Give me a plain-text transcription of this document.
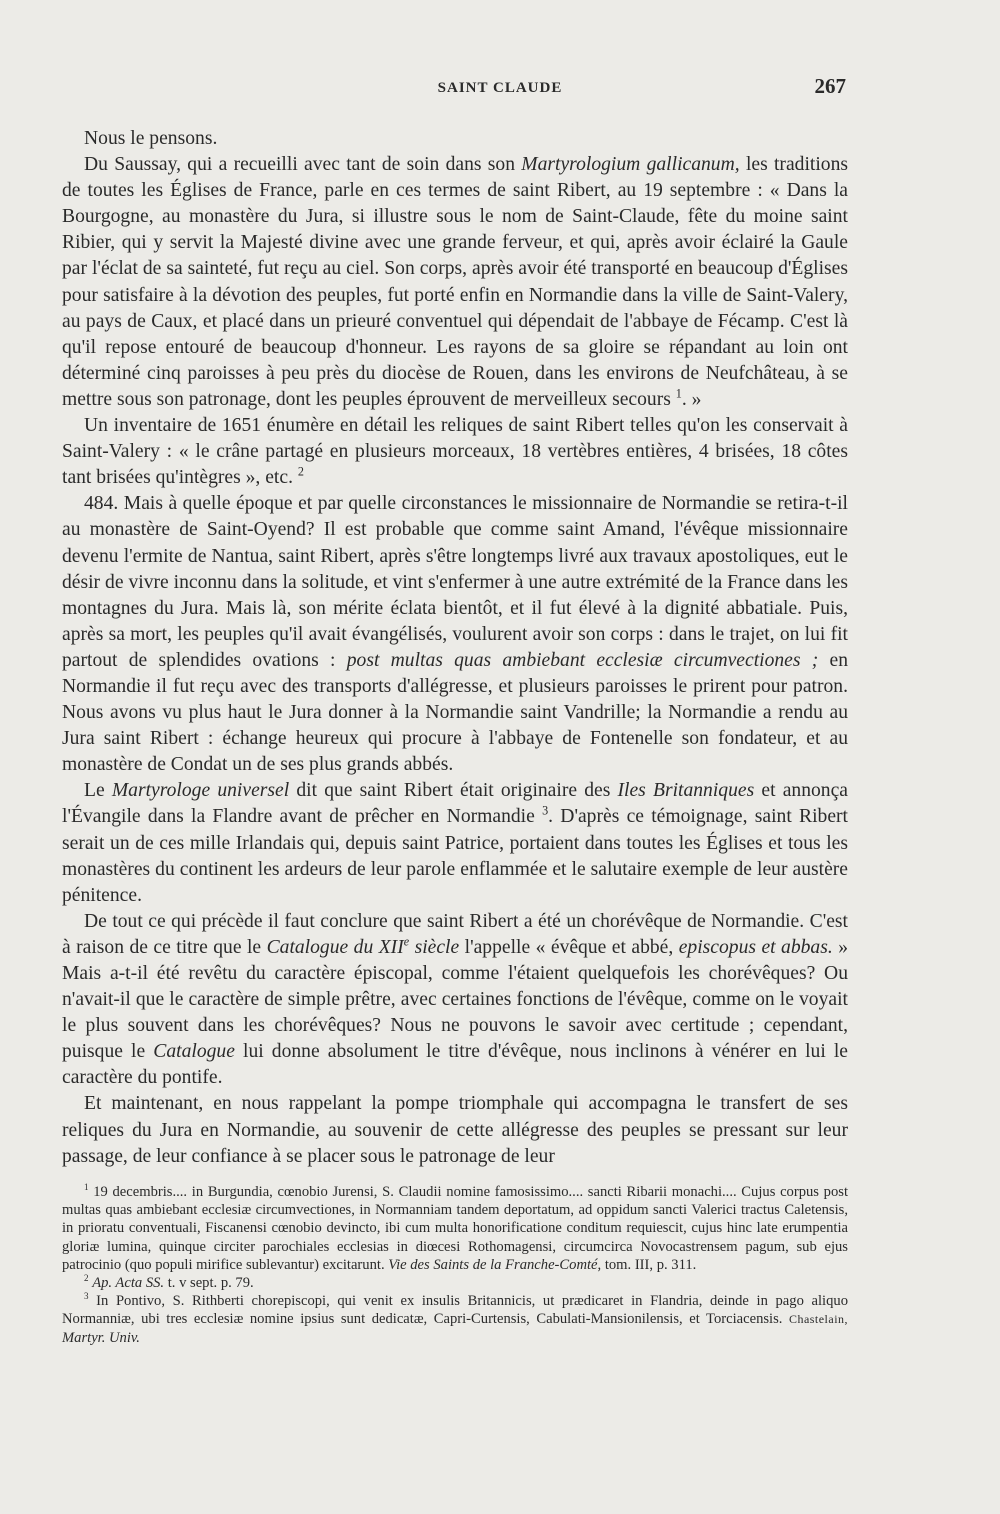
SAINT CLAUDE	267

Nous le pensons.

Du Saussay, qui a recueilli avec tant de soin dans son Martyrologium gallicanum, les traditions de toutes les Églises de France, parle en ces termes de saint Ribert, au 19 septembre : « Dans la Bourgogne, au monastère du Jura, si illustre sous le nom de Saint-Claude, fête du moine saint Ribier, qui y servit la Majesté divine avec une grande ferveur, et qui, après avoir éclairé la Gaule par l'éclat de sa sainteté, fut reçu au ciel. Son corps, après avoir été transporté en beaucoup d'Églises pour satisfaire à la dévotion des peuples, fut porté enfin en Normandie dans la ville de Saint-Valery, au pays de Caux, et placé dans un prieuré conventuel qui dépendait de l'abbaye de Fécamp. C'est là qu'il repose entouré de beaucoup d'honneur. Les rayons de sa gloire se répandant au loin ont déterminé cinq paroisses à peu près du diocèse de Rouen, dans les environs de Neufchâteau, à se mettre sous son patronage, dont les peuples éprouvent de merveilleux secours $^1$. »

Un inventaire de 1651 énumère en détail les reliques de saint Ribert telles qu'on les conservait à Saint-Valery : « le crâne partagé en plusieurs morceaux, 18 vertèbres entières, 4 brisées, 18 côtes tant brisées qu'intègres », etc. $^2$

484. Mais à quelle époque et par quelle circonstances le missionnaire de Normandie se retira-t-il au monastère de Saint-Oyend? Il est probable que comme saint Amand, l'évêque missionnaire devenu l'ermite de Nantua, saint Ribert, après s'être longtemps livré aux travaux apostoliques, eut le désir de vivre inconnu dans la solitude, et vint s'enfermer à une autre extrémité de la France dans les montagnes du Jura. Mais là, son mérite éclata bientôt, et il fut élevé à la dignité abbatiale. Puis, après sa mort, les peuples qu'il avait évangélisés, voulurent avoir son corps : dans le trajet, on lui fit partout de splendides ovations : post multas quas ambiebant ecclesiæ circumvectiones ; en Normandie il fut reçu avec des transports d'allégresse, et plusieurs paroisses le prirent pour patron. Nous avons vu plus haut le Jura donner à la Normandie saint Vandrille; la Normandie a rendu au Jura saint Ribert : échange heureux qui procure à l'abbaye de Fontenelle son fondateur, et au monastère de Condat un de ses plus grands abbés.

Le Martyrologe universel dit que saint Ribert était originaire des Iles Britanniques et annonça l'Évangile dans la Flandre avant de prêcher en Normandie $^3$. D'après ce témoignage, saint Ribert serait un de ces mille Irlandais qui, depuis saint Patrice, portaient dans toutes les Églises et tous les monastères du continent les ardeurs de leur parole enflammée et le salutaire exemple de leur austère pénitence.

De tout ce qui précède il faut conclure que saint Ribert a été un chorévêque de Normandie. C'est à raison de ce titre que le Catalogue du XIIe siècle l'appelle « évêque et abbé, episcopus et abbas. » Mais a-t-il été revêtu du caractère épiscopal, comme l'étaient quelquefois les chorévêques? Ou n'avait-il que le caractère de simple prêtre, avec certaines fonctions de l'évêque, comme on le voyait le plus souvent dans les chorévêques? Nous ne pouvons le savoir avec certitude ; cependant, puisque le Catalogue lui donne absolument le titre d'évêque, nous inclinons à vénérer en lui le caractère du pontife.

Et maintenant, en nous rappelant la pompe triomphale qui accompagna le transfert de ses reliques du Jura en Normandie, au souvenir de cette allégresse des peuples se pressant sur leur passage, de leur confiance à se placer sous le patronage de leur

$^1$ 19 decembris.... in Burgundia, cœnobio Jurensi, S. Claudii nomine famosissimo.... sancti Ribarii monachi.... Cujus corpus post multas quas ambiebant ecclesiæ circumvectiones, in Normanniam tandem deportatum, ad oppidum sancti Valerici tractus Caletensis, in prioratu conventuali, Fiscanensi cœnobio devincto, ibi cum multa honorificatione conditum requiescit, cujus hinc late erumpentia gloriæ lumina, quinque circiter parochiales ecclesias in diœcesi Rothomagensi, circumcirca Novocastrensem pagum, sub ejus patrocinio (quo populi mirifice sublevantur) excitarunt. Vie des Saints de la Franche-Comté, tom. III, p. 311.

$^2$ Ap. Acta SS. t. v sept. p. 79.

$^3$ In Pontivo, S. Rithberti chorepiscopi, qui venit ex insulis Britannicis, ut prædicaret in Flandria, deinde in pago aliquo Normanniæ, ubi tres ecclesiæ nomine ipsius sunt dedicatæ, Capri-Curtensis, Cabulati-Mansionilensis, et Torciacensis. Chastelain, Martyr. Univ.
